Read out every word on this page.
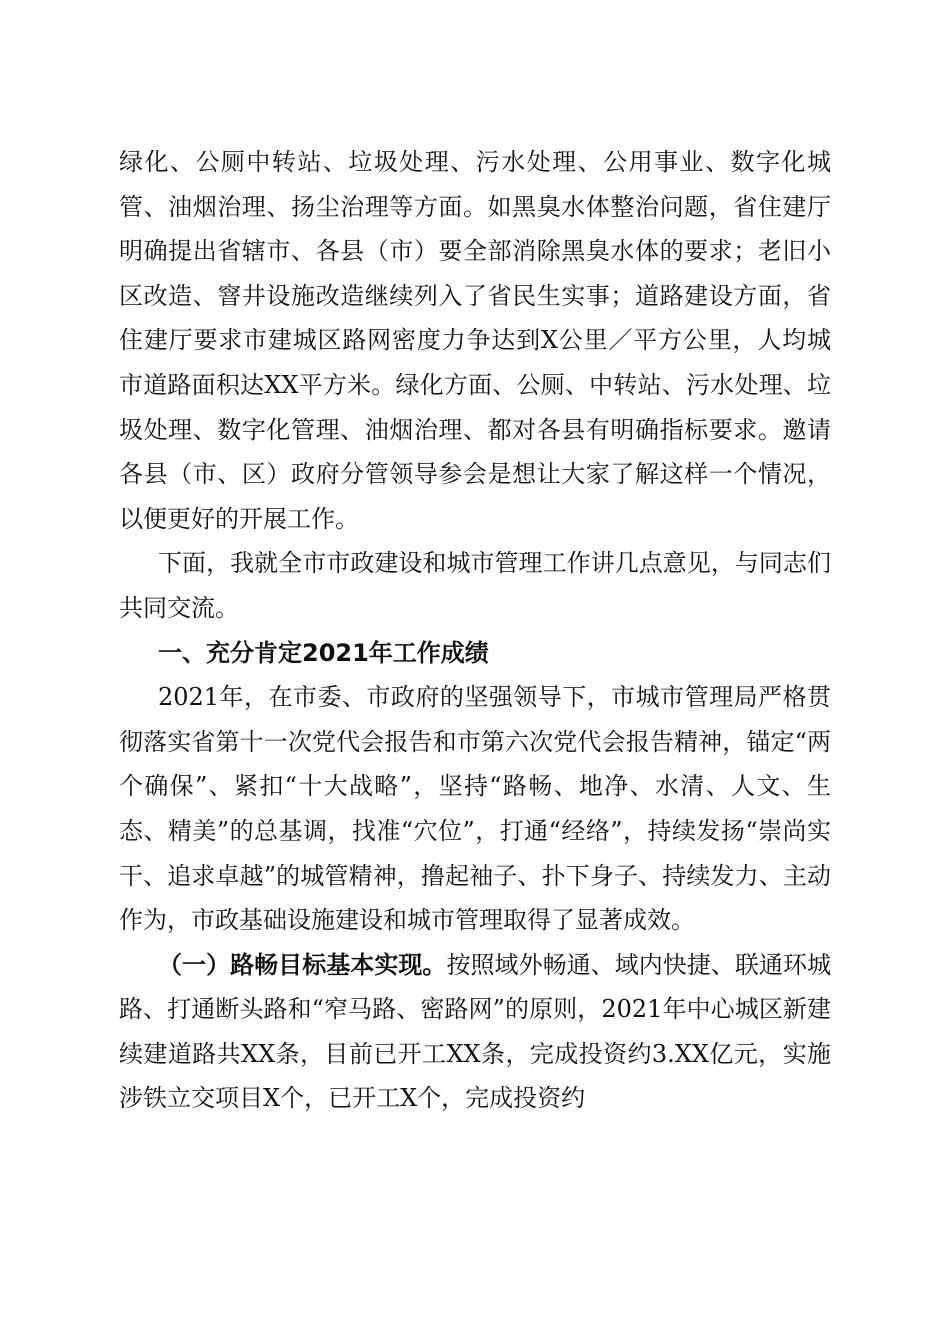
绿化、公厕中转站、垃圾处理、污水处理、公用事业、数字化城管、油烟治理、扬尘治理等方面。如黑臭水体整治问题，省住建厅明确提出省辖市、各县（市）要全部消除黑臭水体的要求；老旧小区改造、窨井设施改造继续列入了省民生实事；道路建设方面，省住建厅要求市建城区路网密度力争达到X公里／平方公里，人均城市道路面积达XX平方米。绿化方面、公厕、中转站、污水处理、垃圾处理、数字化管理、油烟治理、都对各县有明确指标要求。邀请各县（市、区）政府分管领导参会是想让大家了解这样一个情况，以便更好的开展工作。

下面，我就全市市政建设和城市管理工作讲几点意见，与同志们共同交流。

一、充分肯定2021年工作成绩

2021年，在市委、市政府的坚强领导下，市城市管理局严格贯彻落实省第十一次党代会报告和市第六次党代会报告精神，锚定“两个确保”、紧扣“十大战略”，坚持“路畅、地净、水清、人文、生态、精美”的总基调，找准“穴位”，打通“经络”，持续发扬“崇尚实干、追求卓越”的城管精神，撸起袖子、扑下身子、持续发力、主动作为，市政基础设施建设和城市管理取得了显著成效。

（一）路畅目标基本实现。按照域外畅通、域内快捷、联通环城路、打通断头路和“窄马路、密路网”的原则，2021年中心城区新建续建道路共XX条，目前已开工XX条，完成投资约3.XX亿元，实施涉铁立交项目X个，已开工X个，完成投资约
